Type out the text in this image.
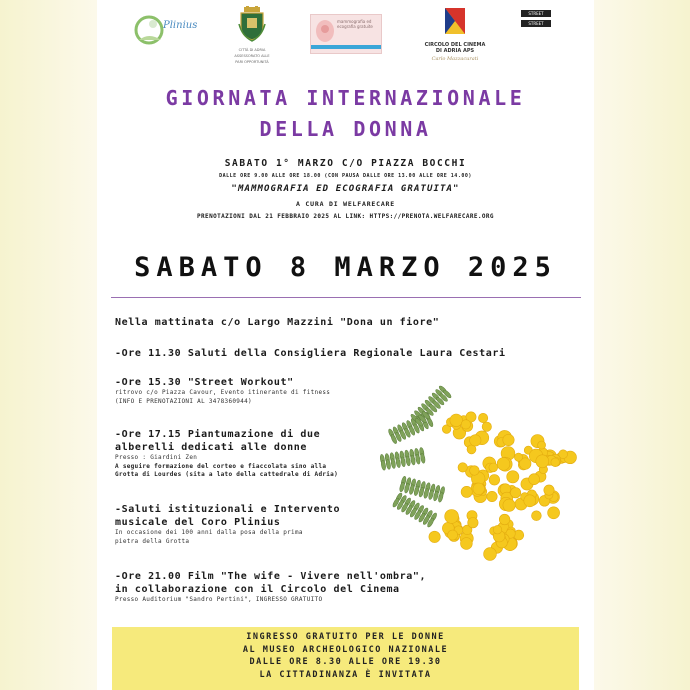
Plinius
CITTÀ DI ADRIA
ASSESSORATO ALLE
PARI OPPORTUNITÀ
mammografia ed ecografia gratuite
CIRCOLO DEL CINEMA
DI ADRIA APS
Carlo Mazzacurati
STREET
STREET
GIORNATA INTERNAZIONALE
DELLA DONNA
SABATO 1° MARZO C/O PIAZZA BOCCHI
DALLE ORE 9.00 ALLE ORE 18.00 (CON PAUSA DALLE ORE 13.00 ALLE ORE 14.00)
"MAMMOGRAFIA ED ECOGRAFIA GRATUITA"
A CURA DI WELFARECARE
PRENOTAZIONI DAL 21 FEBBRAIO 2025 AL LINK: HTTPS://PRENOTA.WELFARECARE.ORG
SABATO 8 MARZO 2025
Nella mattinata c/o Largo Mazzini "Dona un fiore"
-Ore 11.30 Saluti della Consigliera Regionale Laura Cestari
-Ore 15.30 "Street Workout"
ritrovo c/o Piazza Cavour, Evento itinerante di fitness
(INFO E PRENOTAZIONI AL 3478360944)
-Ore 17.15 Piantumazione di due
alberelli dedicati alle donne
Presso : Giardini Zen
A seguire formazione del corteo e fiaccolata sino alla
Grotta di Lourdes (sita a lato della cattedrale di Adria)
-Saluti istituzionali e Intervento
musicale del Coro Plinius
In occasione dei 100 anni dalla posa della prima
pietra della Grotta
-Ore 21.00 Film "The wife - Vivere nell'ombra",
in collaborazione con il Circolo del Cinema
Presso Auditorium "Sandro Pertini", INGRESSO GRATUITO
INGRESSO GRATUITO PER LE DONNE
AL MUSEO ARCHEOLOGICO NAZIONALE
DALLE ORE 8.30 ALLE ORE 19.30
LA CITTADINANZA È INVITATA
